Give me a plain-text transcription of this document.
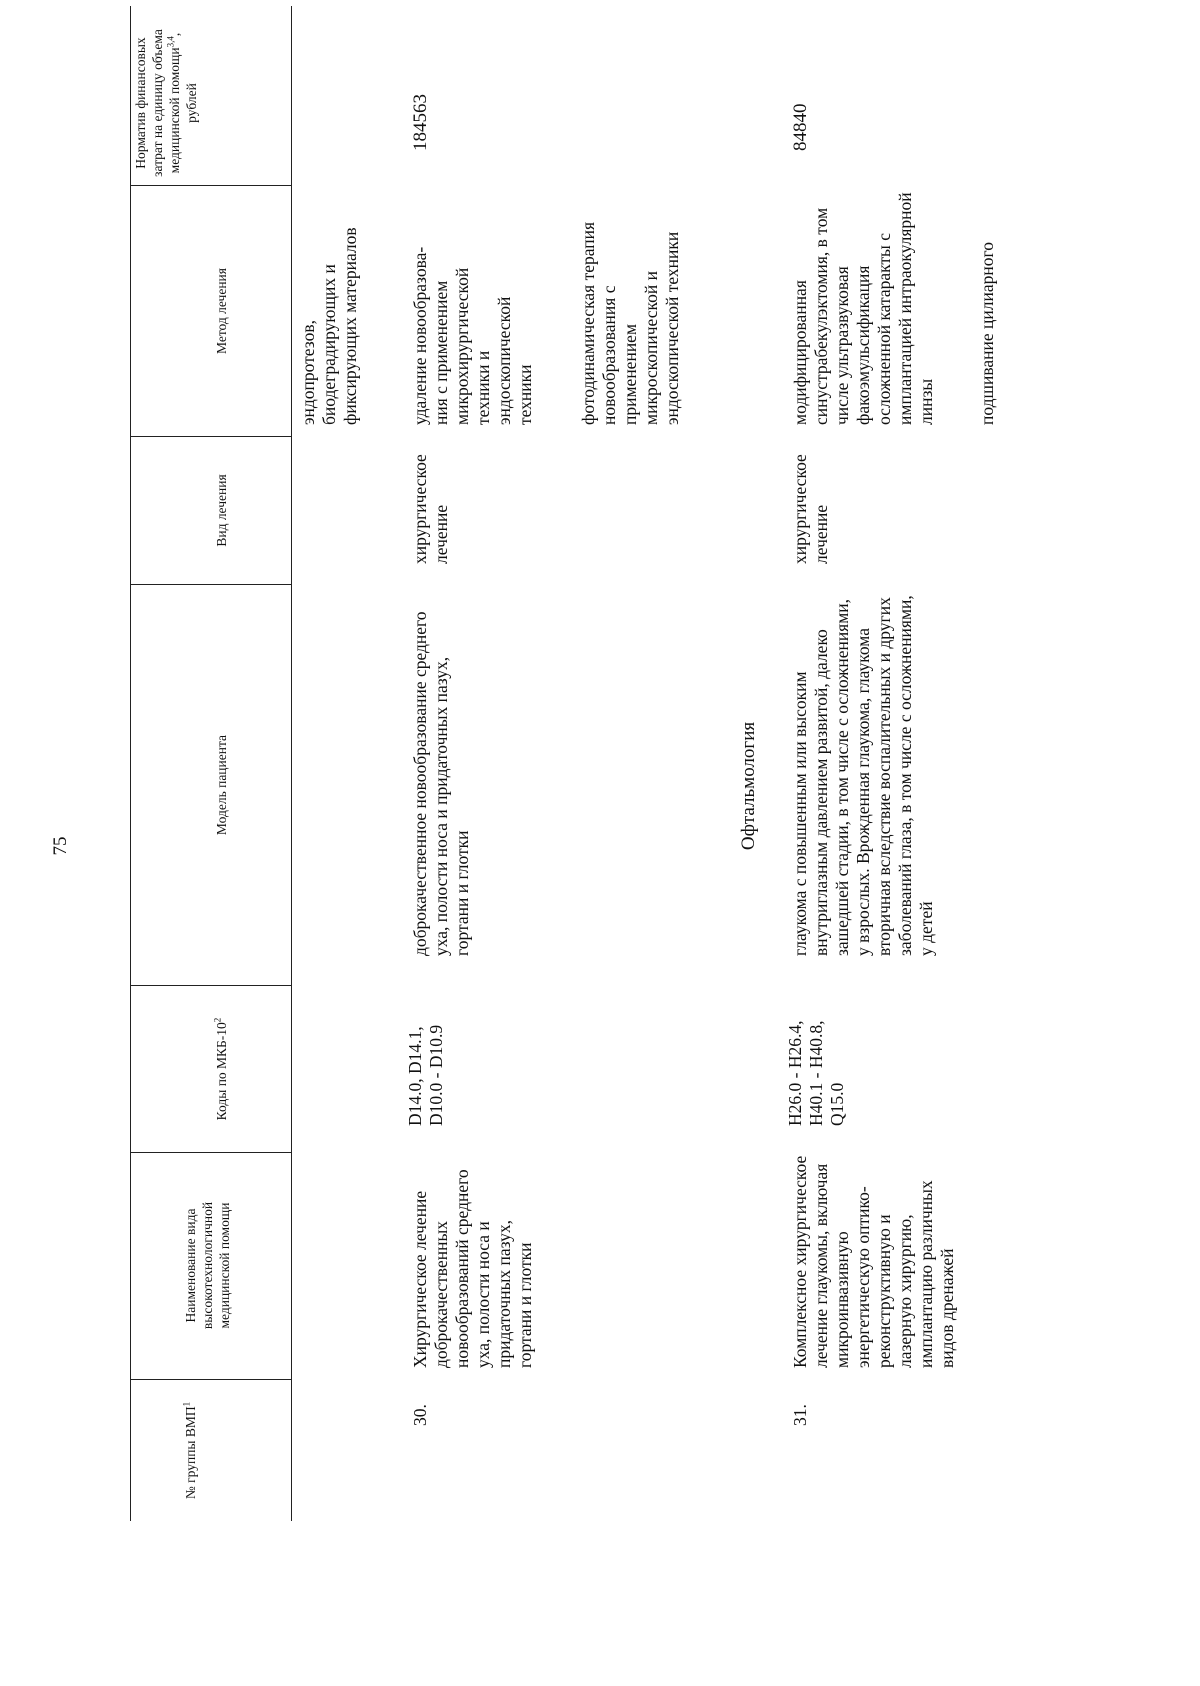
75
№ группы ВМП$^1$
Наименование вида высокотехнологичной медицинской помощи
Коды по МКБ-$10^2$
Модель пациента
Вид лечения
Метод лечения
Норматив финансовых затрат на единицу объема медицинской помощи$^{3,4}$, рублей
эндопротезов, биодеградирующих и фиксирующих материалов
30.
Хирургическое лечение доброкачественных новообразований среднего уха, полости носа и придаточных пазух, гортани и глотки
D14.0, D14.1, D10.0 - D10.9
доброкачественное новообразование среднего уха, полости носа и придаточных пазух, гортани и глотки
хирургическое лечение
удаление новообразова-ния с применением микрохирургической техники и эндоскопической техники фотодинамическая терапия новообразования с применением микроскопической и эндоскопической техники
184563
Офтальмология
31.
Комплексное хирургическое лечение глаукомы, включая микроинвазивную энергетическую оптико-реконструктивную и лазерную хирургию, имплантацию различных видов дренажей
H26.0 - H26.4, H40.1 - H40.8, Q15.0
глаукома с повышенным или высоким внутриглазным давлением развитой, далеко зашедшей стадии, в том числе с осложнениями, у взрослых. Врожденная глаукома, глаукома вторичная вследствие воспалительных и других заболеваний глаза, в том числе с осложнениями, у детей
хирургическое лечение
модифицированная синустрабекулэктомия, в том числе ультразвуковая факоэмульсификация осложненной катаракты с имплантацией интраокулярной линзы подшивание цилиарного
84840
